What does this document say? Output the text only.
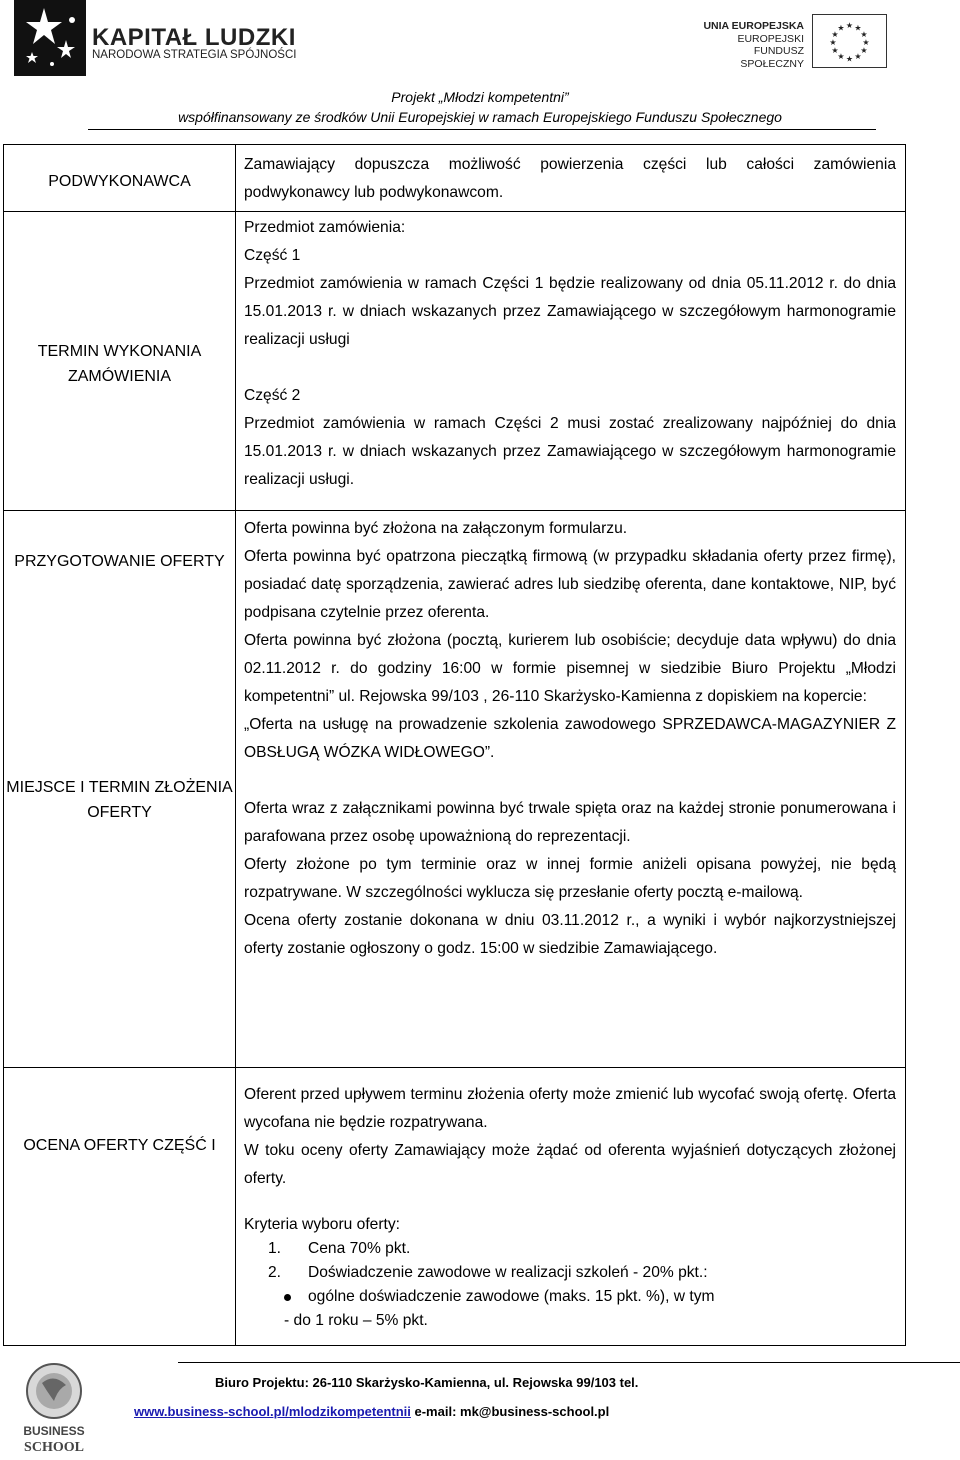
KAPITAŁ LUDZKI
NARODOWA STRATEGIA SPÓJNOŚCI
UNIA EUROPEJSKA
EUROPEJSKI
FUNDUSZ SPOŁECZNY
★ ★
★
★
★
★
★
★
★
★
★
★
Projekt „Młodzi kompetentni”
współfinansowany ze środków Unii Europejskiej w ramach Europejskiego Funduszu Społecznego
PODWYKONAWCA

Zamawiający dopuszcza możliwość powierzenia części lub całości zamówienia podwykonawcy lub podwykonawcom.

TERMIN WYKONANIA ZAMÓWIENIA

Przedmiot zamówienia:

Część 1

Przedmiot zamówienia w ramach Części 1 będzie realizowany od dnia 05.11.2012 r. do dnia 15.01.2013 r. w dniach wskazanych przez Zamawiającego w szczegółowym harmonogramie realizacji usługi

Część 2

Przedmiot zamówienia w ramach Części 2 musi zostać zrealizowany najpóźniej do dnia 15.01.2013 r. w dniach wskazanych przez Zamawiającego w szczegółowym harmonogramie realizacji usługi.

PRZYGOTOWANIE OFERTY
MIEJSCE I TERMIN ZŁOŻENIA OFERTY

Oferta powinna być złożona na załączonym formularzu.

Oferta powinna być opatrzona pieczątką firmową (w przypadku składania oferty przez firmę), posiadać datę sporządzenia, zawierać adres lub siedzibę oferenta, dane kontaktowe, NIP, być podpisana czytelnie przez oferenta.

Oferta powinna być złożona (pocztą, kurierem lub osobiście; decyduje data wpływu) do dnia 02.11.2012 r. do godziny 16:00 w formie pisemnej w siedzibie Biuro Projektu „Młodzi kompetentni” ul. Rejowska 99/103 , 26-110 Skarżysko-Kamienna z dopiskiem na kopercie:

„Oferta na usługę na prowadzenie szkolenia zawodowego SPRZEDAWCA-MAGAZYNIER Z OBSŁUGĄ WÓZKA WIDŁOWEGO”.

Oferta wraz z załącznikami powinna być trwale spięta oraz na każdej stronie ponumerowana i parafowana przez osobę upoważnioną do reprezentacji.

Oferty złożone po tym terminie oraz w innej formie aniżeli opisana powyżej, nie będą rozpatrywane. W szczególności wyklucza się przesłanie oferty pocztą e-mailową.

Ocena oferty zostanie dokonana w dniu 03.11.2012 r., a wyniki i wybór najkorzystniejszej oferty zostanie ogłoszony o godz. 15:00 w siedzibie Zamawiającego.

OCENA OFERTY CZĘŚĆ I

Oferent przed upływem terminu złożenia oferty może zmienić lub wycofać swoją ofertę. Oferta wycofana nie będzie rozpatrywana.

W toku oceny oferty Zamawiający może żądać od oferenta wyjaśnień dotyczących złożonej oferty.

Kryteria wyboru oferty:

1. Cena 70% pkt.
2. Doświadczenie zawodowe w realizacji szkoleń - 20% pkt.:
ogólne doświadczenie zawodowe (maks. 15 pkt. %), w tym
- do 1 roku – 5% pkt.
BUSINESS
SCHOOL
Biuro Projektu: 26-110 Skarżysko-Kamienna, ul. Rejowska 99/103 tel.
www.business-school.pl/mlodzikompetentnii e-mail: mk@business-school.pl
